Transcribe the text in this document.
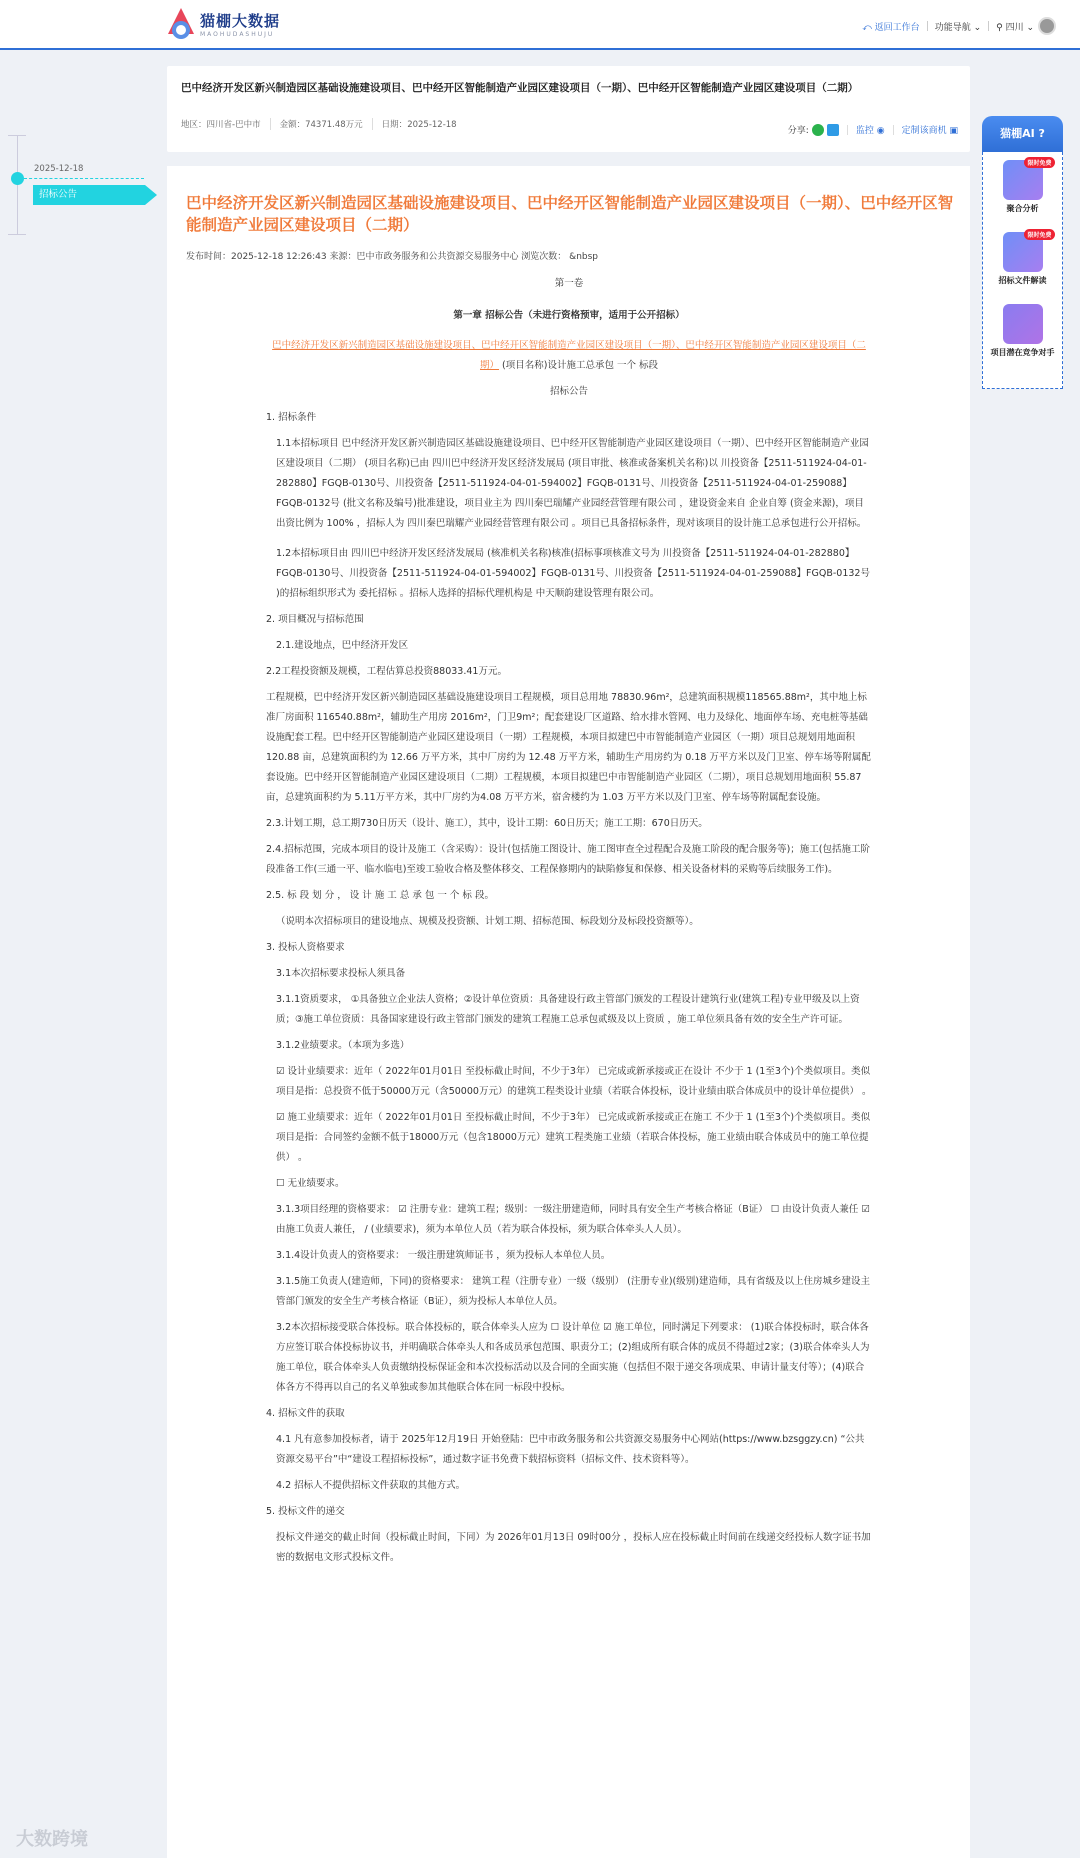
猫棚大数据
MAOHUDASHUJU
⤺ 返回工作台 功能导航 ⌄ ⚲ 四川 ⌄
巴中经济开发区新兴制造园区基础设施建设项目、巴中经开区智能制造产业园区建设项目（一期）、巴中经开区智能制造产业园区建设项目（二期）
地区：四川省-巴中市	金额：74371.48万元	日期：2025-12-18
分享:	监控 ◉ 定制该商机 ▣
2025-12-18
招标公告	巴中经济开发区新兴制造园区基础设施建设项目、巴中经开区智能制造产业园区建设项目（一期）、巴中经开区智能制造产业园区建设项目（二期）
发布时间：2025-12-18 12:26:43 来源：巴中市政务服务和公共资源交易服务中心 浏览次数： &nbsp

第一卷

第一章 招标公告（未进行资格预审，适用于公开招标）

巴中经济开发区新兴制造园区基础设施建设项目、巴中经开区智能制造产业园区建设项目（一期）、巴中经开区智能制造产业园区建设项目（二期） (项目名称)设计施工总承包 一个 标段

招标公告

1. 招标条件

1.1本招标项目 巴中经济开发区新兴制造园区基础设施建设项目、巴中经开区智能制造产业园区建设项目（一期）、巴中经开区智能制造产业园区建设项目（二期） (项目名称)已由 四川巴中经济开发区经济发展局 (项目审批、核准或备案机关名称)以 川投资备【2511-511924-04-01-282880】FGQB-0130号、川投资备【2511-511924-04-01-594002】FGQB-0131号、川投资备【2511-511924-04-01-259088】FGQB-0132号 (批文名称及编号)批准建设，项目业主为 四川秦巴瑞耀产业园经营管理有限公司 ，建设资金来自 企业自筹 (资金来源)，项目出资比例为 100% ，招标人为 四川秦巴瑞耀产业园经营管理有限公司 。项目已具备招标条件，现对该项目的设计施工总承包进行公开招标。

1.2本招标项目由 四川巴中经济开发区经济发展局 (核准机关名称)核准(招标事项核准文号为 川投资备【2511-511924-04-01-282880】FGQB-0130号、川投资备【2511-511924-04-01-594002】FGQB-0131号、川投资备【2511-511924-04-01-259088】FGQB-0132号 )的招标组织形式为 委托招标 。招标人选择的招标代理机构是 中天顺韵建设管理有限公司。

2. 项目概况与招标范围

2.1.建设地点，巴中经济开发区

2.2工程投资额及规模，工程估算总投资88033.41万元。

工程规模，巴中经济开发区新兴制造园区基础设施建设项目工程规模，项目总用地 78830.96m²，总建筑面积规模118565.88m²，其中地上标准厂房面积 116540.88m²，辅助生产用房 2016m²，门卫9m²；配套建设厂区道路、给水排水管网、电力及绿化、地面停车场、充电桩等基础设施配套工程。巴中经开区智能制造产业园区建设项目（一期）工程规模，本项目拟建巴中市智能制造产业园区（一期）项目总规划用地面积120.88 亩，总建筑面积约为 12.66 万平方米，其中厂房约为 12.48 万平方米，辅助生产用房约为 0.18 万平方米以及门卫室、停车场等附属配套设施。巴中经开区智能制造产业园区建设项目（二期）工程规模，本项目拟建巴中市智能制造产业园区（二期），项目总规划用地面积 55.87亩，总建筑面积约为 5.11万平方米，其中厂房约为4.08 万平方米，宿舍楼约为 1.03 万平方米以及门卫室、停车场等附属配套设施。

2.3.计划工期，总工期730日历天（设计、施工），其中，设计工期：60日历天；施工工期：670日历天。

2.4.招标范围，完成本项目的设计及施工（含采购）：设计(包括施工图设计、施工图审查全过程配合及施工阶段的配合服务等)；施工(包括施工阶段准备工作(三通一平、临水临电)至竣工验收合格及整体移交、工程保修期内的缺陷修复和保修、相关设备材料的采购等后续服务工作)。

2.5. 标 段 划 分 ， 设 计 施 工 总 承 包 一 个 标 段。

（说明本次招标项目的建设地点、规模及投资额、计划工期、招标范围、标段划分及标段投资额等）。

3. 投标人资格要求

3.1本次招标要求投标人须具备

3.1.1资质要求， ①具备独立企业法人资格；②设计单位资质：具备建设行政主管部门颁发的工程设计建筑行业(建筑工程)专业甲级及以上资质；③施工单位资质：具备国家建设行政主管部门颁发的建筑工程施工总承包贰级及以上资质 ，施工单位须具备有效的安全生产许可证。

3.1.2业绩要求。（本项为多选）

☑ 设计业绩要求：近年（ 2022年01月01日 至投标截止时间，不少于3年） 已完成或新承接或正在设计 不少于 1 (1至3个)个类似项目。类似项目是指：总投资不低于50000万元（含50000万元）的建筑工程类设计业绩（若联合体投标，设计业绩由联合体成员中的设计单位提供） 。

☑ 施工业绩要求：近年（ 2022年01月01日 至投标截止时间，不少于3年） 已完成或新承接或正在施工 不少于 1 (1至3个)个类似项目。类似项目是指：合同签约金额不低于18000万元（包含18000万元）建筑工程类施工业绩（若联合体投标，施工业绩由联合体成员中的施工单位提供） 。

☐ 无业绩要求。

3.1.3项目经理的资格要求： ☑ 注册专业：建筑工程；级别：一级注册建造师，同时具有安全生产考核合格证（B证） ☐ 由设计负责人兼任 ☑ 由施工负责人兼任， / (业绩要求)，须为本单位人员（若为联合体投标，须为联合体牵头人人员）。

3.1.4设计负责人的资格要求： 一级注册建筑师证书 ，须为投标人本单位人员。

3.1.5施工负责人(建造师，下同)的资格要求： 建筑工程（注册专业）一级（级别） (注册专业)(级别)建造师，具有省级及以上住房城乡建设主管部门颁发的安全生产考核合格证（B证），须为投标人本单位人员。

3.2本次招标接受联合体投标。联合体投标的，联合体牵头人应为 ☐ 设计单位 ☑ 施工单位，同时满足下列要求： (1)联合体投标时，联合体各方应签订联合体投标协议书，并明确联合体牵头人和各成员承包范围、职责分工；(2)组成所有联合体的成员不得超过2家；(3)联合体牵头人为施工单位，联合体牵头人负责缴纳投标保证金和本次投标活动以及合同的全面实施（包括但不限于递交各项成果、申请计量支付等）；(4)联合体各方不得再以自己的名义单独或参加其他联合体在同一标段中投标。

4. 招标文件的获取

4.1 凡有意参加投标者，请于 2025年12月19日 开始登陆：巴中市政务服务和公共资源交易服务中心网站(https://www.bzsggzy.cn) “公共资源交易平台”中“建设工程招标投标”，通过数字证书免费下载招标资料（招标文件、技术资料等）。

4.2 招标人不提供招标文件获取的其他方式。

5. 投标文件的递交

投标文件递交的截止时间（投标截止时间，下同）为 2026年01月13日 09时00分 ，投标人应在投标截止时间前在线递交经投标人数字证书加密的数据电文形式投标文件。

猫棚AI ?
限时免费
聚合分析
限时免费
招标文件解读
项目潜在竞争对手
大数跨境
